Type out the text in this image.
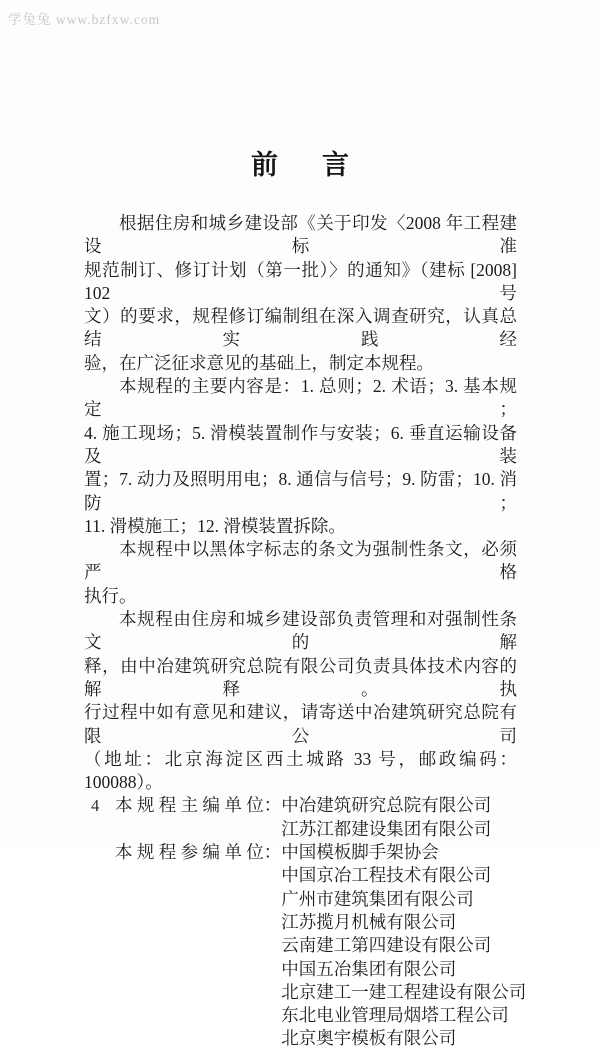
学兔兔 www.bzfxw.com
前 言
根据住房和城乡建设部《关于印发〈2008 年工程建设标准
规范制订、修订计划（第一批）〉的通知》（建标 [2008] 102 号
文）的要求，规程修订编制组在深入调查研究，认真总结实践经
验，在广泛征求意见的基础上，制定本规程。
本规程的主要内容是：1. 总则；2. 术语；3. 基本规定；
4. 施工现场；5. 滑模装置制作与安装；6. 垂直运输设备及装
置；7. 动力及照明用电；8. 通信与信号；9. 防雷；10. 消防；
11. 滑模施工；12. 滑模装置拆除。
本规程中以黑体字标志的条文为强制性条文，必须严格
执行。
本规程由住房和城乡建设部负责管理和对强制性条文的解
释，由中冶建筑研究总院有限公司负责具体技术内容的解释。执
行过程中如有意见和建议，请寄送中冶建筑研究总院有限公司
（地址：北京海淀区西土城路 33 号，邮政编码：100088）。
本 规 程 主 编 单 位： 中冶建筑研究总院有限公司
江苏江都建设集团有限公司
本 规 程 参 编 单 位： 中国模板脚手架协会
中国京冶工程技术有限公司
广州市建筑集团有限公司
江苏揽月机械有限公司
云南建工第四建设有限公司
中国五冶集团有限公司
北京建工一建工程建设有限公司
东北电业管理局烟塔工程公司
北京奥宇模板有限公司
4
